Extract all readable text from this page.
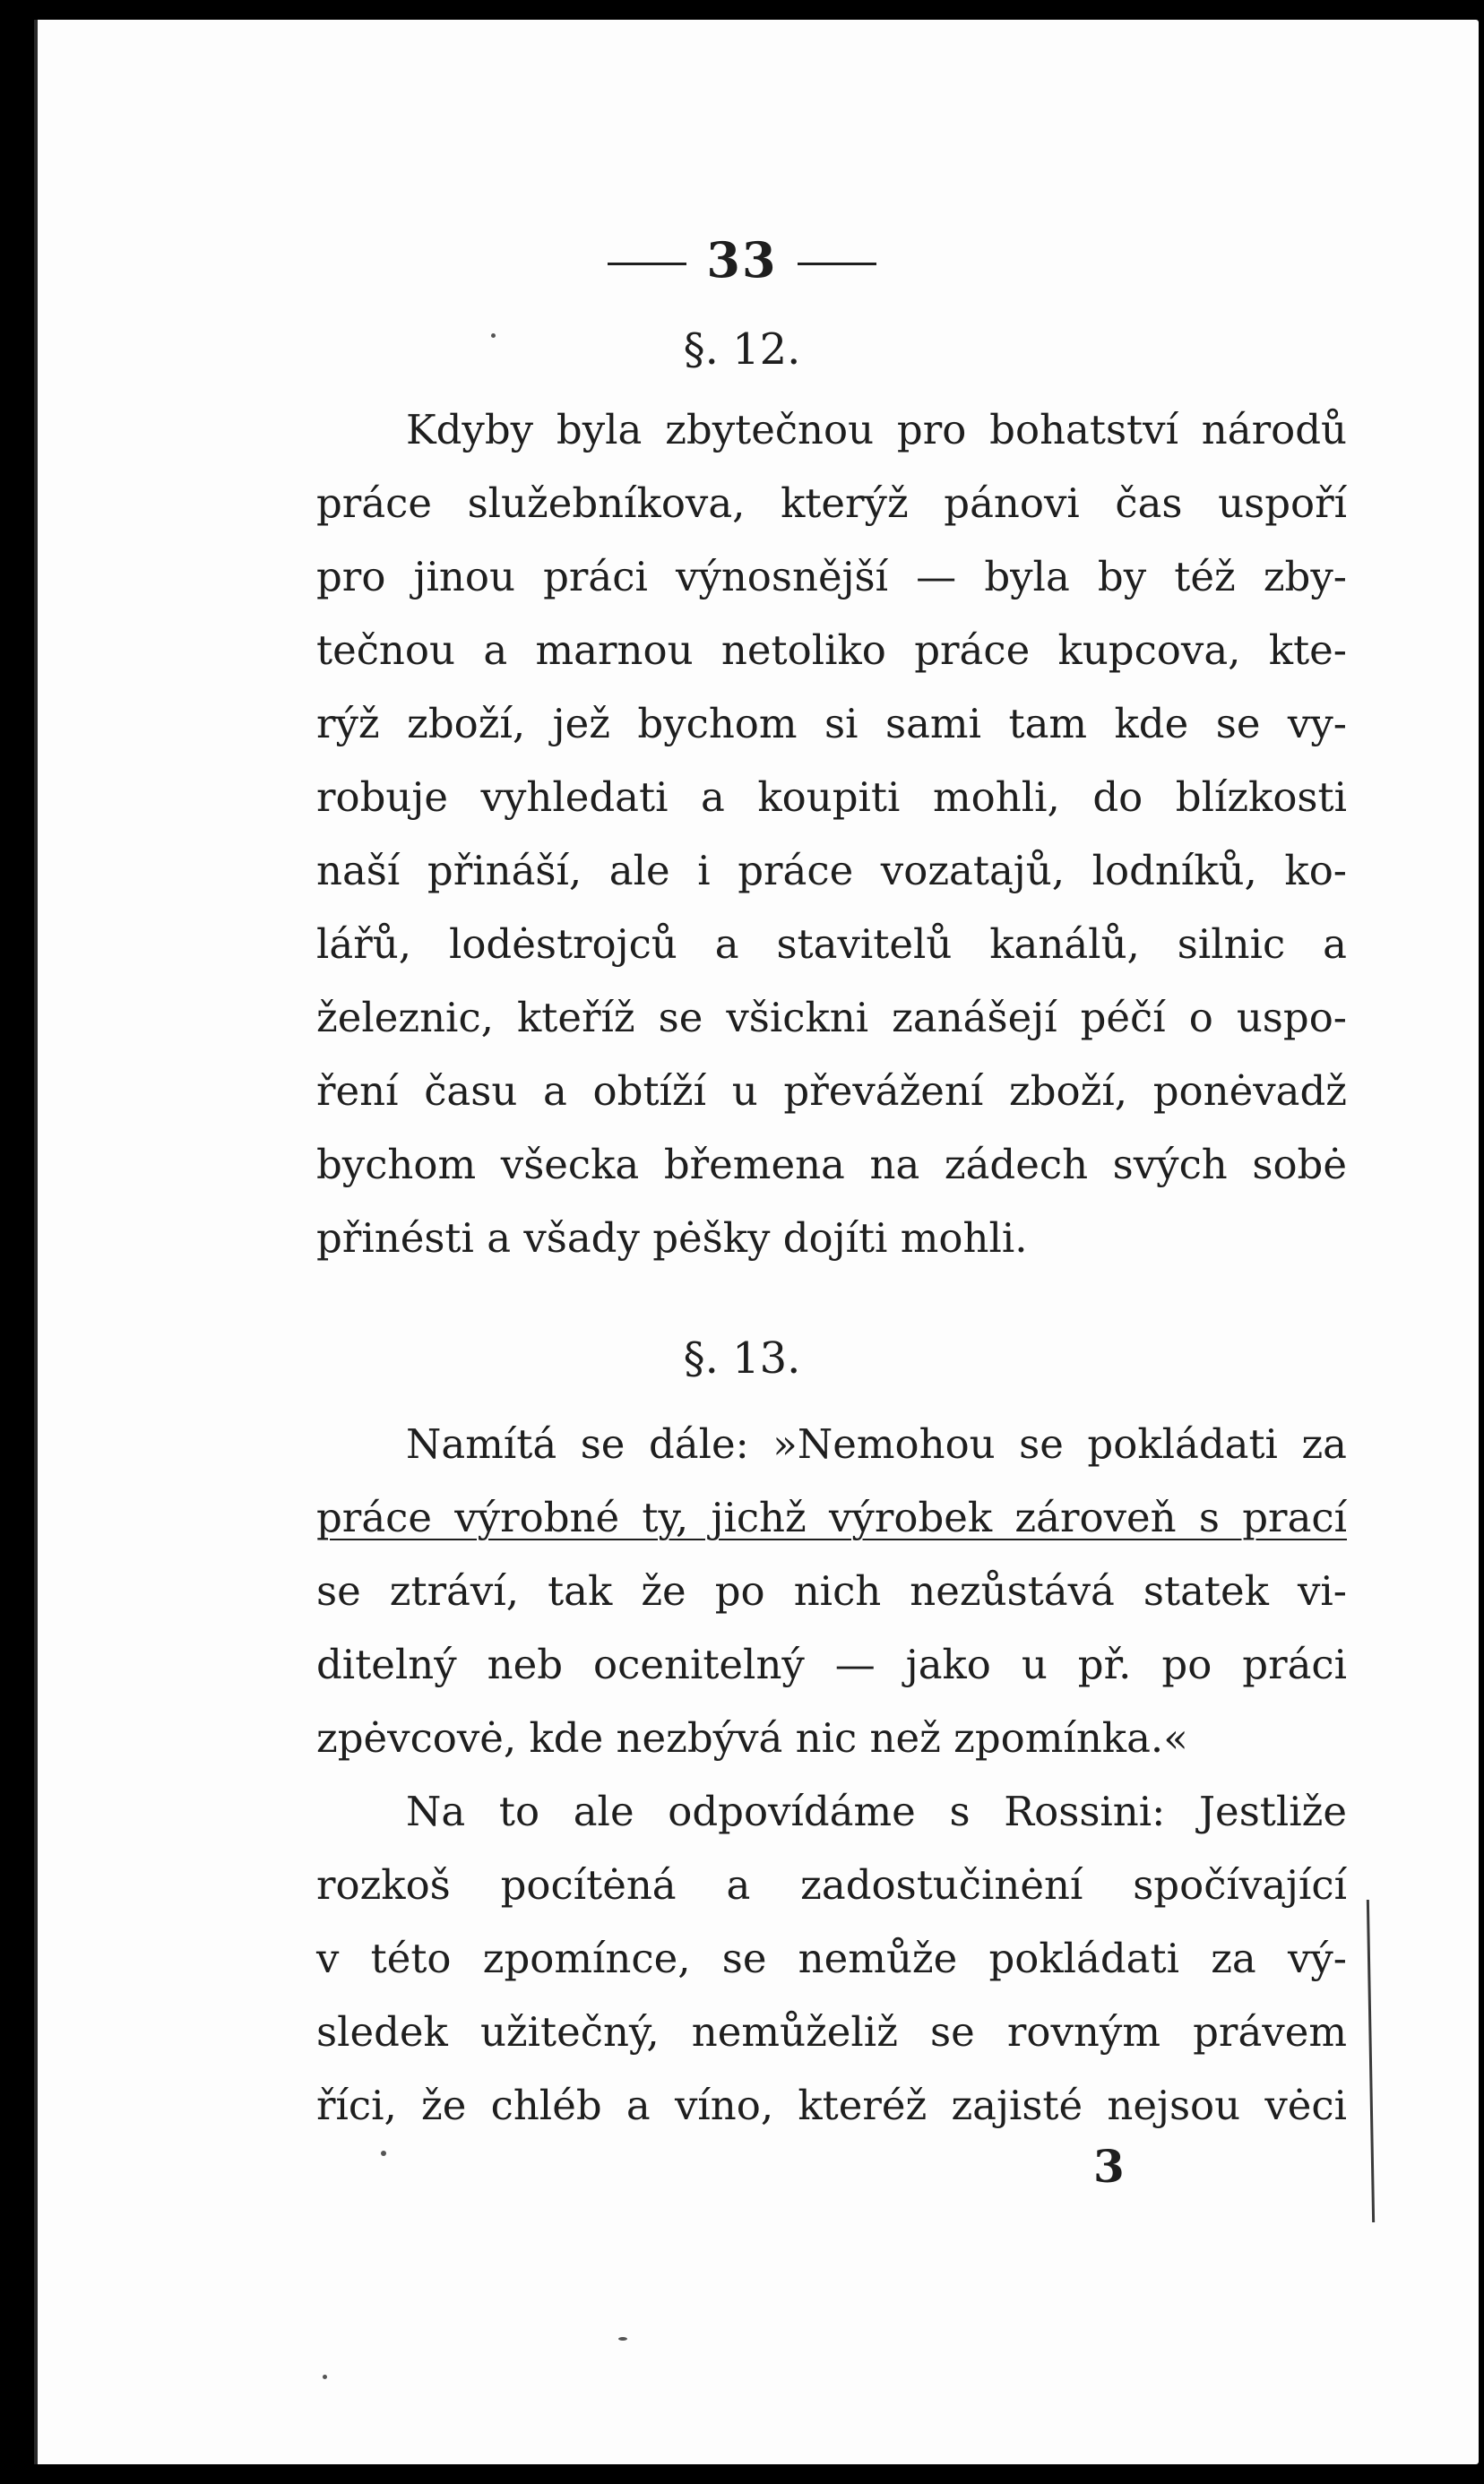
33
§. 12.
Kdyby byla zbytečnou pro bohatství národů
práce služebníkova, kterýž pánovi čas uspoří
pro jinou práci výnosnější — byla by též zby-
tečnou a marnou netoliko práce kupcova, kte-
rýž zboží, jež bychom si sami tam kde se vy-
robuje vyhledati a koupiti mohli, do blízkosti
naší přináší, ale i práce vozatajů, lodníků, ko-
lářů, lodėstrojců a stavitelů kanálů, silnic a
železnic, kteříž se všickni zanášejí péčí o uspo-
ření času a obtíží u převážení zboží, ponėvadž
bychom všecka břemena na zádech svých sobė
přinésti a všady pėšky dojíti mohli.
§. 13.
Namítá se dále: »Nemohou se pokládati za
práce výrobné ty, jichž výrobek zároveň s prací
se ztráví, tak že po nich nezůstává statek vi-
ditelný neb ocenitelný — jako u př. po práci
zpėvcovė, kde nezbývá nic než zpomínka.«
Na to ale odpovídáme s Rossini: Jestliže
rozkoš pocítėná a zadostučinėní spočívající
v této zpomínce, se nemůže pokládati za vý-
sledek užitečný, nemůželiž se rovným právem
říci, že chléb a víno, kteréž zajisté nejsou vėci
3
